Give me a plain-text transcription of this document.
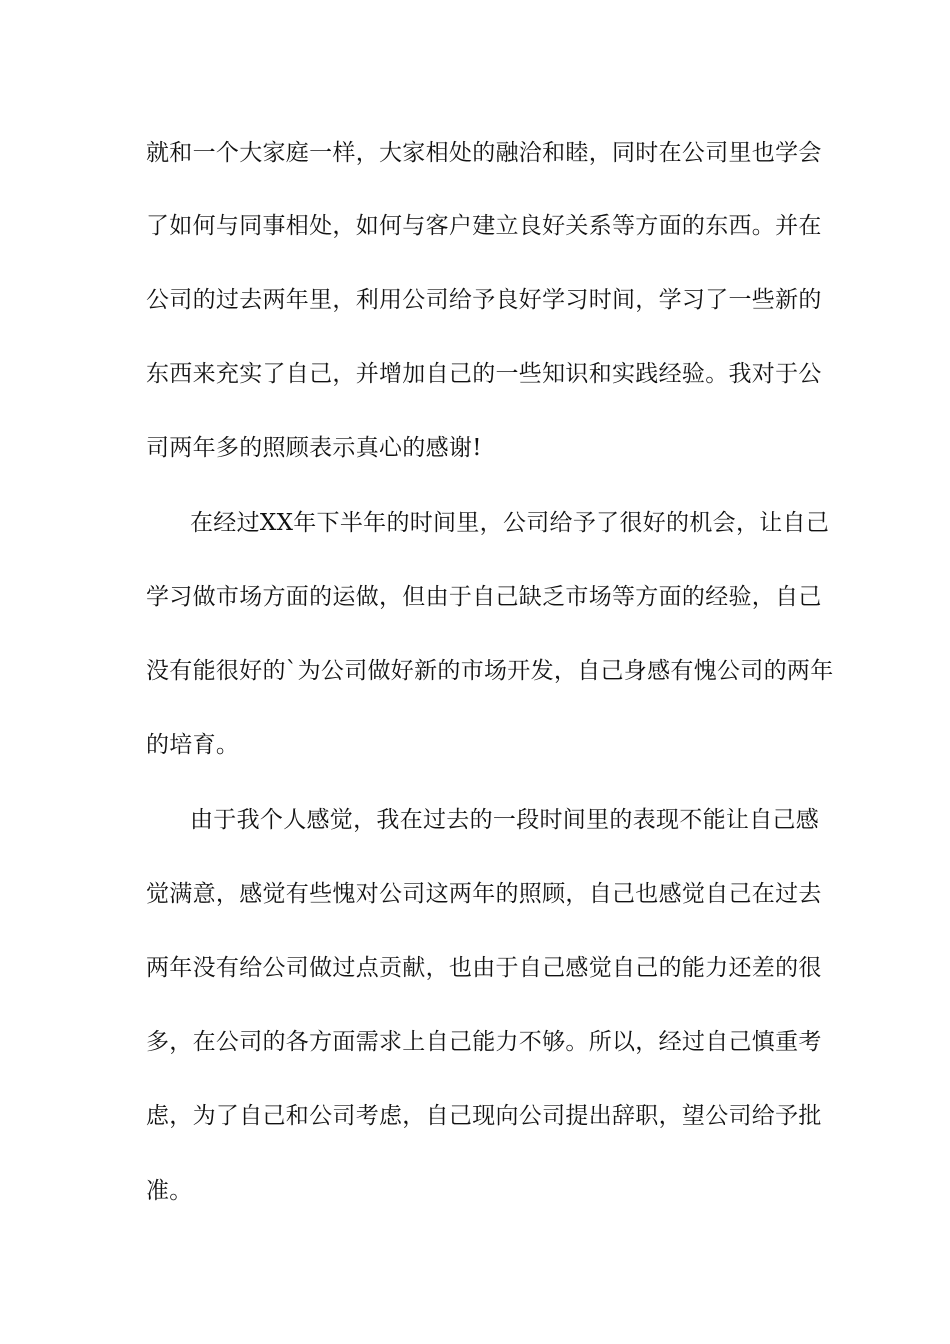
就和一个大家庭一样，大家相处的融洽和睦，同时在公司里也学会
了如何与同事相处，如何与客户建立良好关系等方面的东西。并在
公司的过去两年里，利用公司给予良好学习时间，学习了一些新的
东西来充实了自己，并增加自己的一些知识和实践经验。我对于公
司两年多的照顾表示真心的感谢!
在经过XX年下半年的时间里，公司给予了很好的机会，让自己
学习做市场方面的运做，但由于自己缺乏市场等方面的经验，自己
没有能很好的`为公司做好新的市场开发，自己身感有愧公司的两年
的培育。
由于我个人感觉，我在过去的一段时间里的表现不能让自己感
觉满意，感觉有些愧对公司这两年的照顾，自己也感觉自己在过去
两年没有给公司做过点贡献，也由于自己感觉自己的能力还差的很
多，在公司的各方面需求上自己能力不够。所以，经过自己慎重考
虑，为了自己和公司考虑，自己现向公司提出辞职，望公司给予批
准。
